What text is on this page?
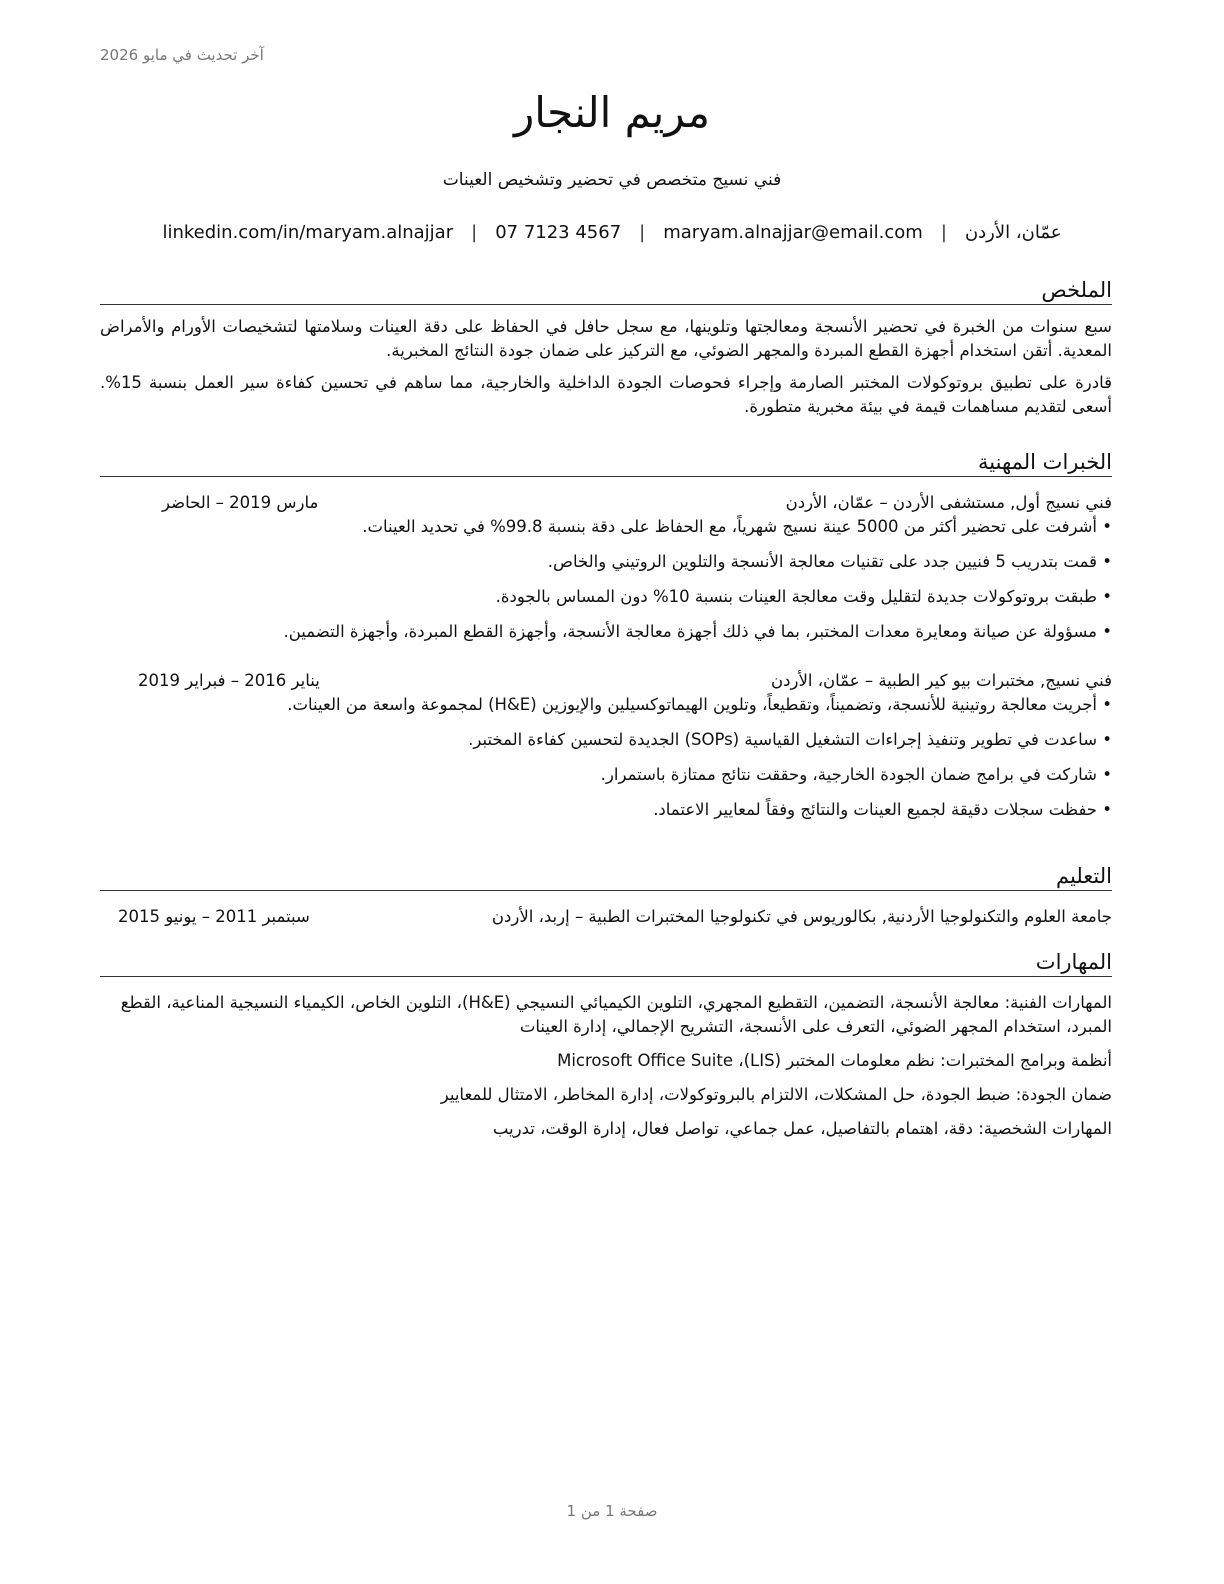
آخر تحديث في مايو 2026
مريم النجار
فني نسيج متخصص في تحضير وتشخيص العينات
عمّان، الأردن
|
maryam.alnajjar@email.com
|
07 7123 4567
|
linkedin.com/in/maryam.alnajjar
الملخص

سبع سنوات من الخبرة في تحضير الأنسجة ومعالجتها وتلوينها، مع سجل حافل في الحفاظ على دقة العينات وسلامتها لتشخيصات الأورام والأمراض المعدية. أتقن استخدام أجهزة القطع المبردة والمجهر الضوئي، مع التركيز على ضمان جودة النتائج المخبرية.

قادرة على تطبيق بروتوكولات المختبر الصارمة وإجراء فحوصات الجودة الداخلية والخارجية، مما ساهم في تحسين كفاءة سير العمل بنسبة 15%. أسعى لتقديم مساهمات قيمة في بيئة مخبرية متطورة.

الخبرات المهنية
فني نسيج أول, مستشفى الأردن – عمّان، الأردن
مارس 2019 – الحاضر
• أشرفت على تحضير أكثر من 5000 عينة نسيج شهرياً، مع الحفاظ على دقة بنسبة 99.8% في تحديد العينات.
• قمت بتدريب 5 فنيين جدد على تقنيات معالجة الأنسجة والتلوين الروتيني والخاص.
• طبقت بروتوكولات جديدة لتقليل وقت معالجة العينات بنسبة 10% دون المساس بالجودة.
• مسؤولة عن صيانة ومعايرة معدات المختبر، بما في ذلك أجهزة معالجة الأنسجة، وأجهزة القطع المبردة، وأجهزة التضمين.
فني نسيج, مختبرات بيو كير الطبية – عمّان، الأردن
يناير 2016 – فبراير 2019
• أجريت معالجة روتينية للأنسجة، وتضميناً، وتقطيعاً، وتلوين الهيماتوكسيلين والإيوزين (H&E) لمجموعة واسعة من العينات.
• ساعدت في تطوير وتنفيذ إجراءات التشغيل القياسية (SOPs) الجديدة لتحسين كفاءة المختبر.
• شاركت في برامج ضمان الجودة الخارجية، وحققت نتائج ممتازة باستمرار.
• حفظت سجلات دقيقة لجميع العينات والنتائج وفقاً لمعايير الاعتماد.
التعليم
جامعة العلوم والتكنولوجيا الأردنية, بكالوريوس في تكنولوجيا المختبرات الطبية – إربد، الأردن
سبتمبر 2011 – يونيو 2015
المهارات
المهارات الفنية: معالجة الأنسجة، التضمين، التقطيع المجهري، التلوين الكيميائي النسيجي (H&E)، التلوين الخاص، الكيمياء النسيجية المناعية، القطع المبرد، استخدام المجهر الضوئي، التعرف على الأنسجة، التشريح الإجمالي، إدارة العينات
أنظمة وبرامج المختبرات: نظم معلومات المختبر (LIS)، Microsoft Office Suite
ضمان الجودة: ضبط الجودة، حل المشكلات، الالتزام بالبروتوكولات، إدارة المخاطر، الامتثال للمعايير
المهارات الشخصية: دقة، اهتمام بالتفاصيل، عمل جماعي، تواصل فعال، إدارة الوقت، تدريب
صفحة 1 من 1
